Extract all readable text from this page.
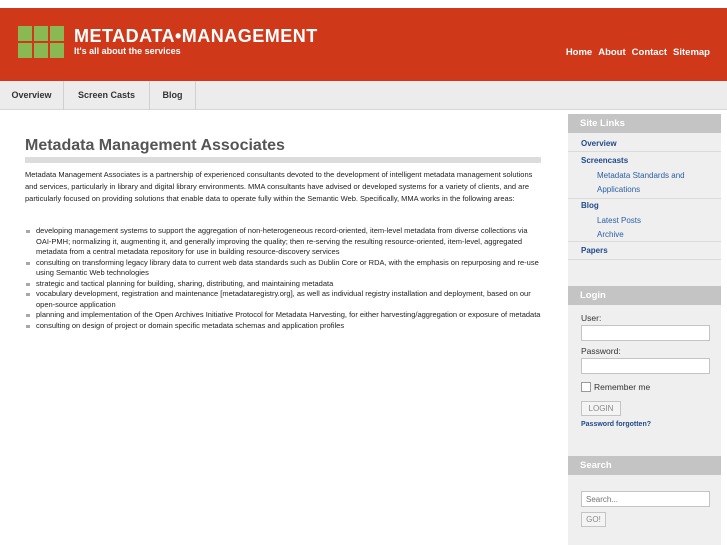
METADATA•MANAGEMENT
It's all about the services	Home About Contact Sitemap
Overview	Screen Casts	Blog
Metadata Management Associates

Metadata Management Associates is a partnership of experienced consultants devoted to the development of intelligent metadata management solutions and services, particularly in library and digital library environments. MMA consultants have advised or developed systems for a variety of clients, and are particularly focused on providing solutions that enable data to operate fully within the Semantic Web. Specifically, MMA works in the following areas:

developing management systems to support the aggregation of non-heterogeneous record-oriented, item-level metadata from diverse collections via OAI-PMH; normalizing it, augmenting it, and generally improving the quality; then re-serving the resulting resource-oriented, item-level, aggregated metadata from a central metadata repository for use in building resource-discovery services
consulting on transforming legacy library data to current web data standards such as Dublin Core or RDA, with the emphasis on repurposing and re-use using Semantic Web technologies
strategic and tactical planning for building, sharing, distributing, and maintaining metadata
vocabulary development, registration and maintenance [metadataregistry.org], as well as individual registry installation and deployment, based on our open-source application
planning and implementation of the Open Archives Initiative Protocol for Metadata Harvesting, for either harvesting/aggregation or exposure of metadata
consulting on design of project or domain specific metadata schemas and application profiles
Site Links
Overview
Screencasts
Metadata Standards and
Applications
Blog
Latest Posts
Archive
Papers
Login
User:
Password:
Remember me
LOGIN
Password forgotten?
Search
Search...
GO!
